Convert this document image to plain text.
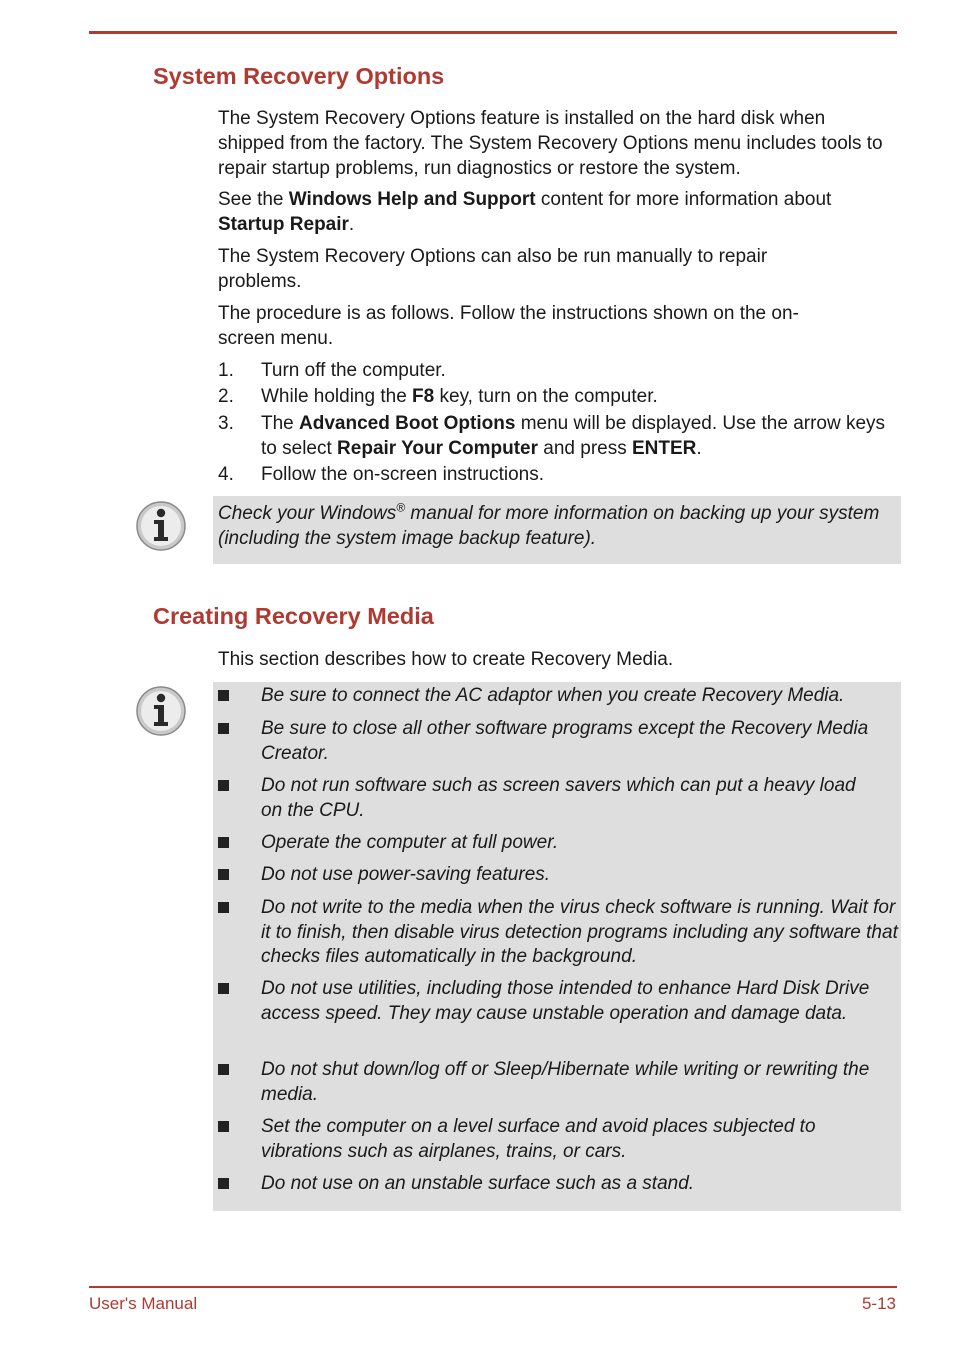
System Recovery Options

The System Recovery Options feature is installed on the hard disk when shipped from the factory. The System Recovery Options menu includes tools to repair startup problems, run diagnostics or restore the system.

See the Windows Help and Support content for more information about
Startup Repair.

The System Recovery Options can also be run manually to repair problems.

The procedure is as follows. Follow the instructions shown on the on-screen menu.

1. Turn off the computer.
2. While holding the F8 key, turn on the computer.
3. The Advanced Boot Options menu will be displayed. Use the arrow keys to select Repair Your Computer and press ENTER.
4. Follow the on-screen instructions.
Check your Windows® manual for more information on backing up your system (including the system image backup feature).
Creating Recovery Media

This section describes how to create Recovery Media.

Be sure to connect the AC adaptor when you create Recovery Media.
Be sure to close all other software programs except the Recovery Media Creator.
Do not run software such as screen savers which can put a heavy load on the CPU.
Operate the computer at full power.
Do not use power-saving features.
Do not write to the media when the virus check software is running. Wait for it to finish, then disable virus detection programs including any software that checks files automatically in the background.
Do not use utilities, including those intended to enhance Hard Disk Drive access speed. They may cause unstable operation and damage data.
Do not shut down/log off or Sleep/Hibernate while writing or rewriting the media.
Set the computer on a level surface and avoid places subjected to vibrations such as airplanes, trains, or cars.
Do not use on an unstable surface such as a stand.
User's Manual	5-13
